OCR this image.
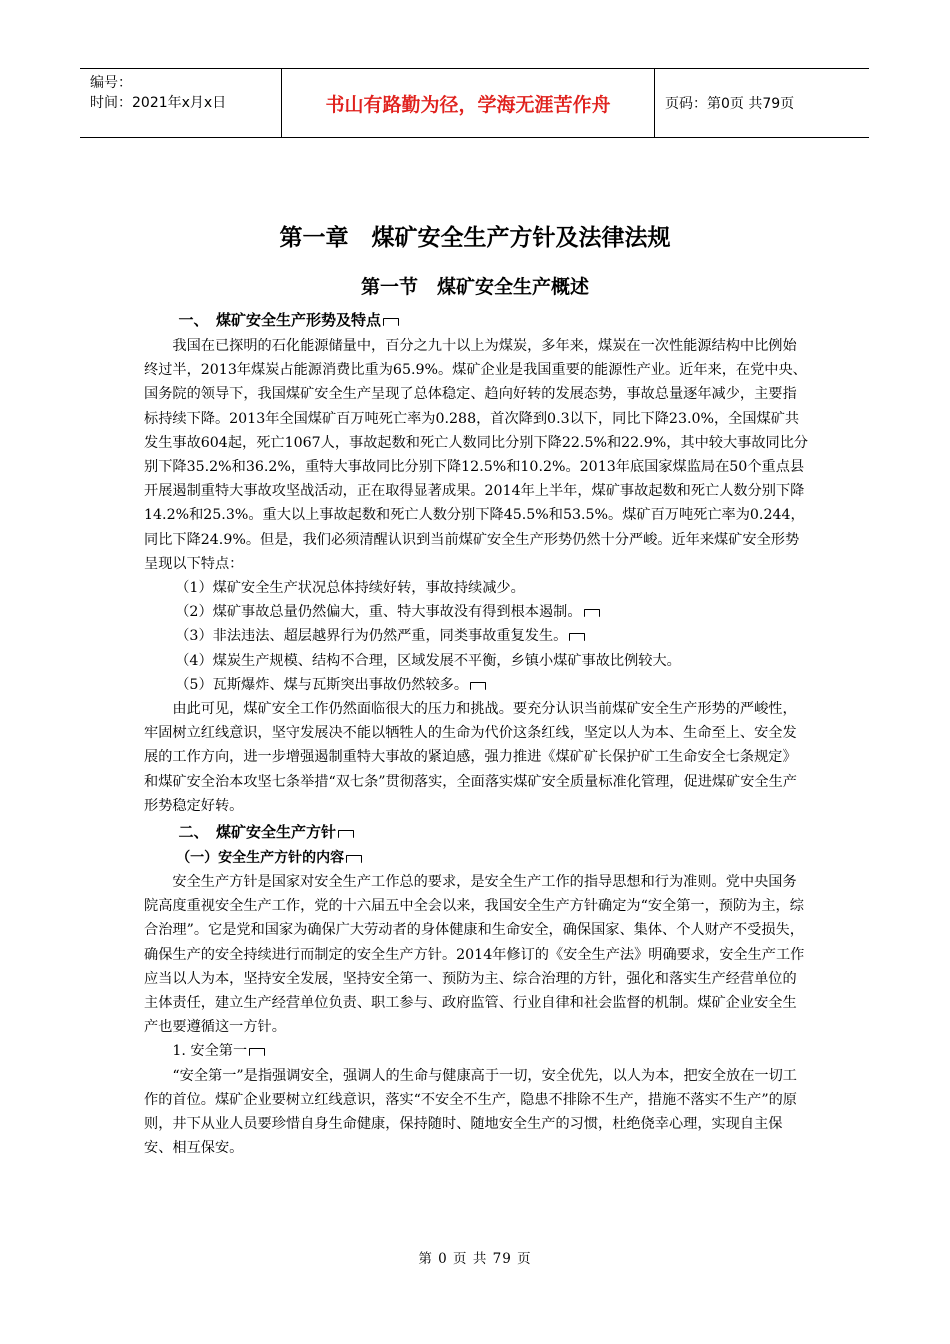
编号：
时间：2021年x月x日	书山有路勤为径，学海无涯苦作舟	页码：第0页 共79页
第一章　煤矿安全生产方针及法律法规
第一节　煤矿安全生产概述

一、　煤矿安全生产形势及特点

我国在已探明的石化能源储量中，百分之九十以上为煤炭，多年来，煤炭在一次性能源结构中比例始终过半，2013年煤炭占能源消费比重为65.9%。煤矿企业是我国重要的能源性产业。近年来，在党中央、国务院的领导下，我国煤矿安全生产呈现了总体稳定、趋向好转的发展态势，事故总量逐年减少，主要指标持续下降。2013年全国煤矿百万吨死亡率为0.288，首次降到0.3以下，同比下降23.0%，全国煤矿共发生事故604起，死亡1067人，事故起数和死亡人数同比分别下降22.5%和22.9%，其中较大事故同比分别下降35.2%和36.2%，重特大事故同比分别下降12.5%和10.2%。2013年底国家煤监局在50个重点县开展遏制重特大事故攻坚战活动，正在取得显著成果。2014年上半年，煤矿事故起数和死亡人数分别下降14.2%和25.3%。重大以上事故起数和死亡人数分别下降45.5%和53.5%。煤矿百万吨死亡率为0.244，同比下降24.9%。但是，我们必须清醒认识到当前煤矿安全生产形势仍然十分严峻。近年来煤矿安全形势呈现以下特点：

（1）煤矿安全生产状况总体持续好转，事故持续减少。

（2）煤矿事故总量仍然偏大，重、特大事故没有得到根本遏制。

（3）非法违法、超层越界行为仍然严重，同类事故重复发生。

（4）煤炭生产规模、结构不合理，区域发展不平衡，乡镇小煤矿事故比例较大。

（5）瓦斯爆炸、煤与瓦斯突出事故仍然较多。

由此可见，煤矿安全工作仍然面临很大的压力和挑战。要充分认识当前煤矿安全生产形势的严峻性，牢固树立红线意识，坚守发展决不能以牺牲人的生命为代价这条红线，坚定以人为本、生命至上、安全发展的工作方向，进一步增强遏制重特大事故的紧迫感，强力推进《煤矿矿长保护矿工生命安全七条规定》和煤矿安全治本攻坚七条举措“双七条”贯彻落实，全面落实煤矿安全质量标准化管理，促进煤矿安全生产形势稳定好转。

二、　煤矿安全生产方针

（一）安全生产方针的内容

安全生产方针是国家对安全生产工作总的要求，是安全生产工作的指导思想和行为准则。党中央国务院高度重视安全生产工作，党的十六届五中全会以来，我国安全生产方针确定为“安全第一，预防为主，综合治理”。它是党和国家为确保广大劳动者的身体健康和生命安全，确保国家、集体、个人财产不受损失，确保生产的安全持续进行而制定的安全生产方针。2014年修订的《安全生产法》明确要求，安全生产工作应当以人为本，坚持安全发展，坚持安全第一、预防为主、综合治理的方针，强化和落实生产经营单位的主体责任，建立生产经营单位负责、职工参与、政府监管、行业自律和社会监督的机制。煤矿企业安全生产也要遵循这一方针。

1. 安全第一

“安全第一”是指强调安全，强调人的生命与健康高于一切，安全优先，以人为本，把安全放在一切工作的首位。煤矿企业要树立红线意识，落实“不安全不生产，隐患不排除不生产，措施不落实不生产”的原则，井下从业人员要珍惜自身生命健康，保持随时、随地安全生产的习惯，杜绝侥幸心理，实现自主保安、相互保安。

第 0 页 共 79 页
